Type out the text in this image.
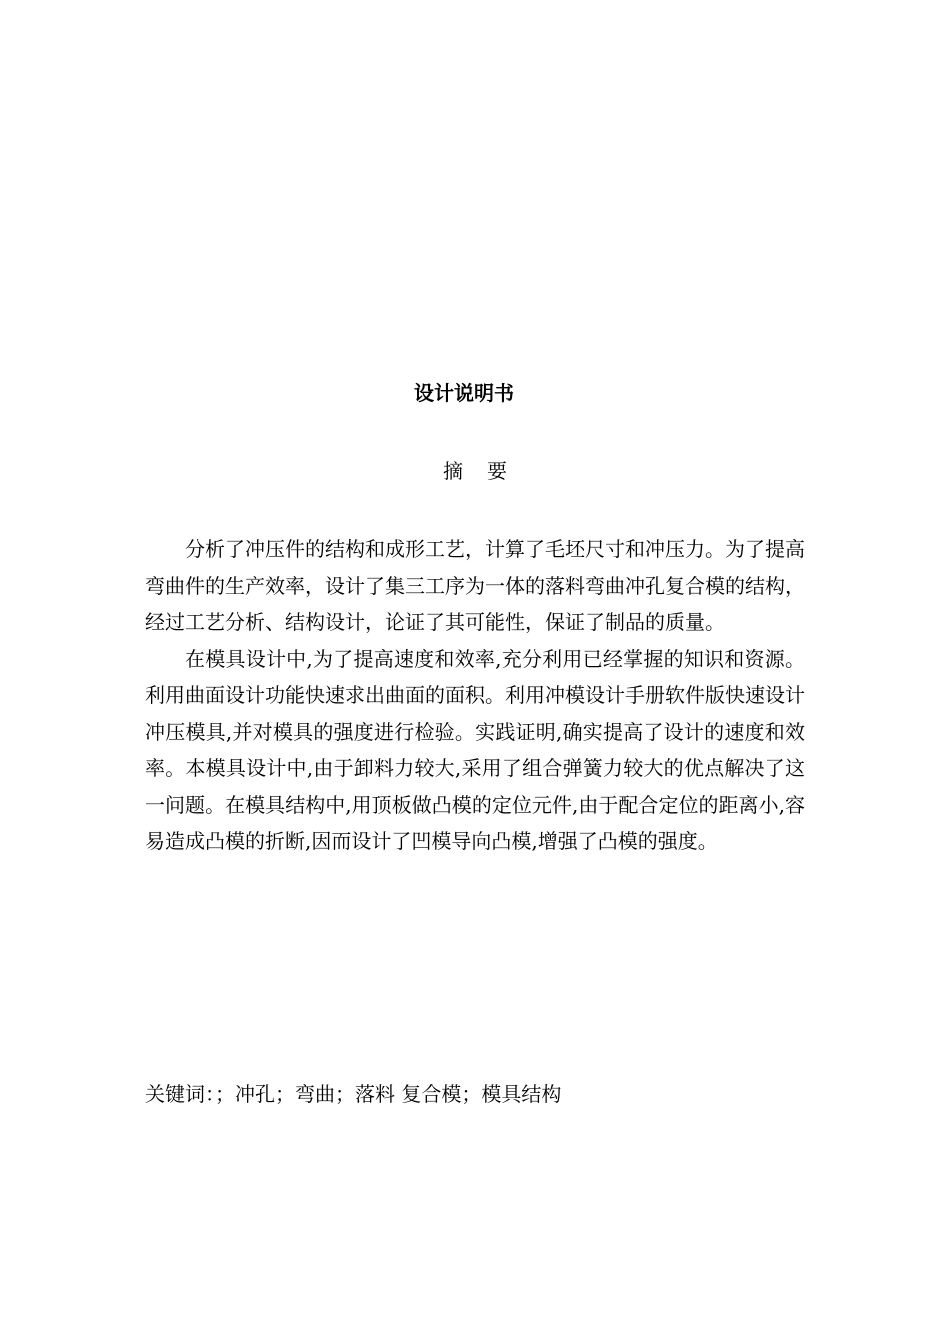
设计说明书
摘要

分析了冲压件的结构和成形工艺，计算了毛坯尺寸和冲压力。为了提高弯曲件的生产效率，设计了集三工序为一体的落料弯曲冲孔复合模的结构，经过工艺分析、结构设计，论证了其可能性，保证了制品的质量。

在模具设计中,为了提高速度和效率,充分利用已经掌握的知识和资源。利用曲面设计功能快速求出曲面的面积。利用冲模设计手册软件版快速设计冲压模具,并对模具的强度进行检验。实践证明,确实提高了设计的速度和效率。本模具设计中,由于卸料力较大,采用了组合弹簧力较大的优点解决了这一问题。在模具结构中,用顶板做凸模的定位元件,由于配合定位的距离小,容易造成凸模的折断,因而设计了凹模导向凸模,增强了凸模的强度。

关键词：；冲孔；弯曲；落料 复合模；模具结构
